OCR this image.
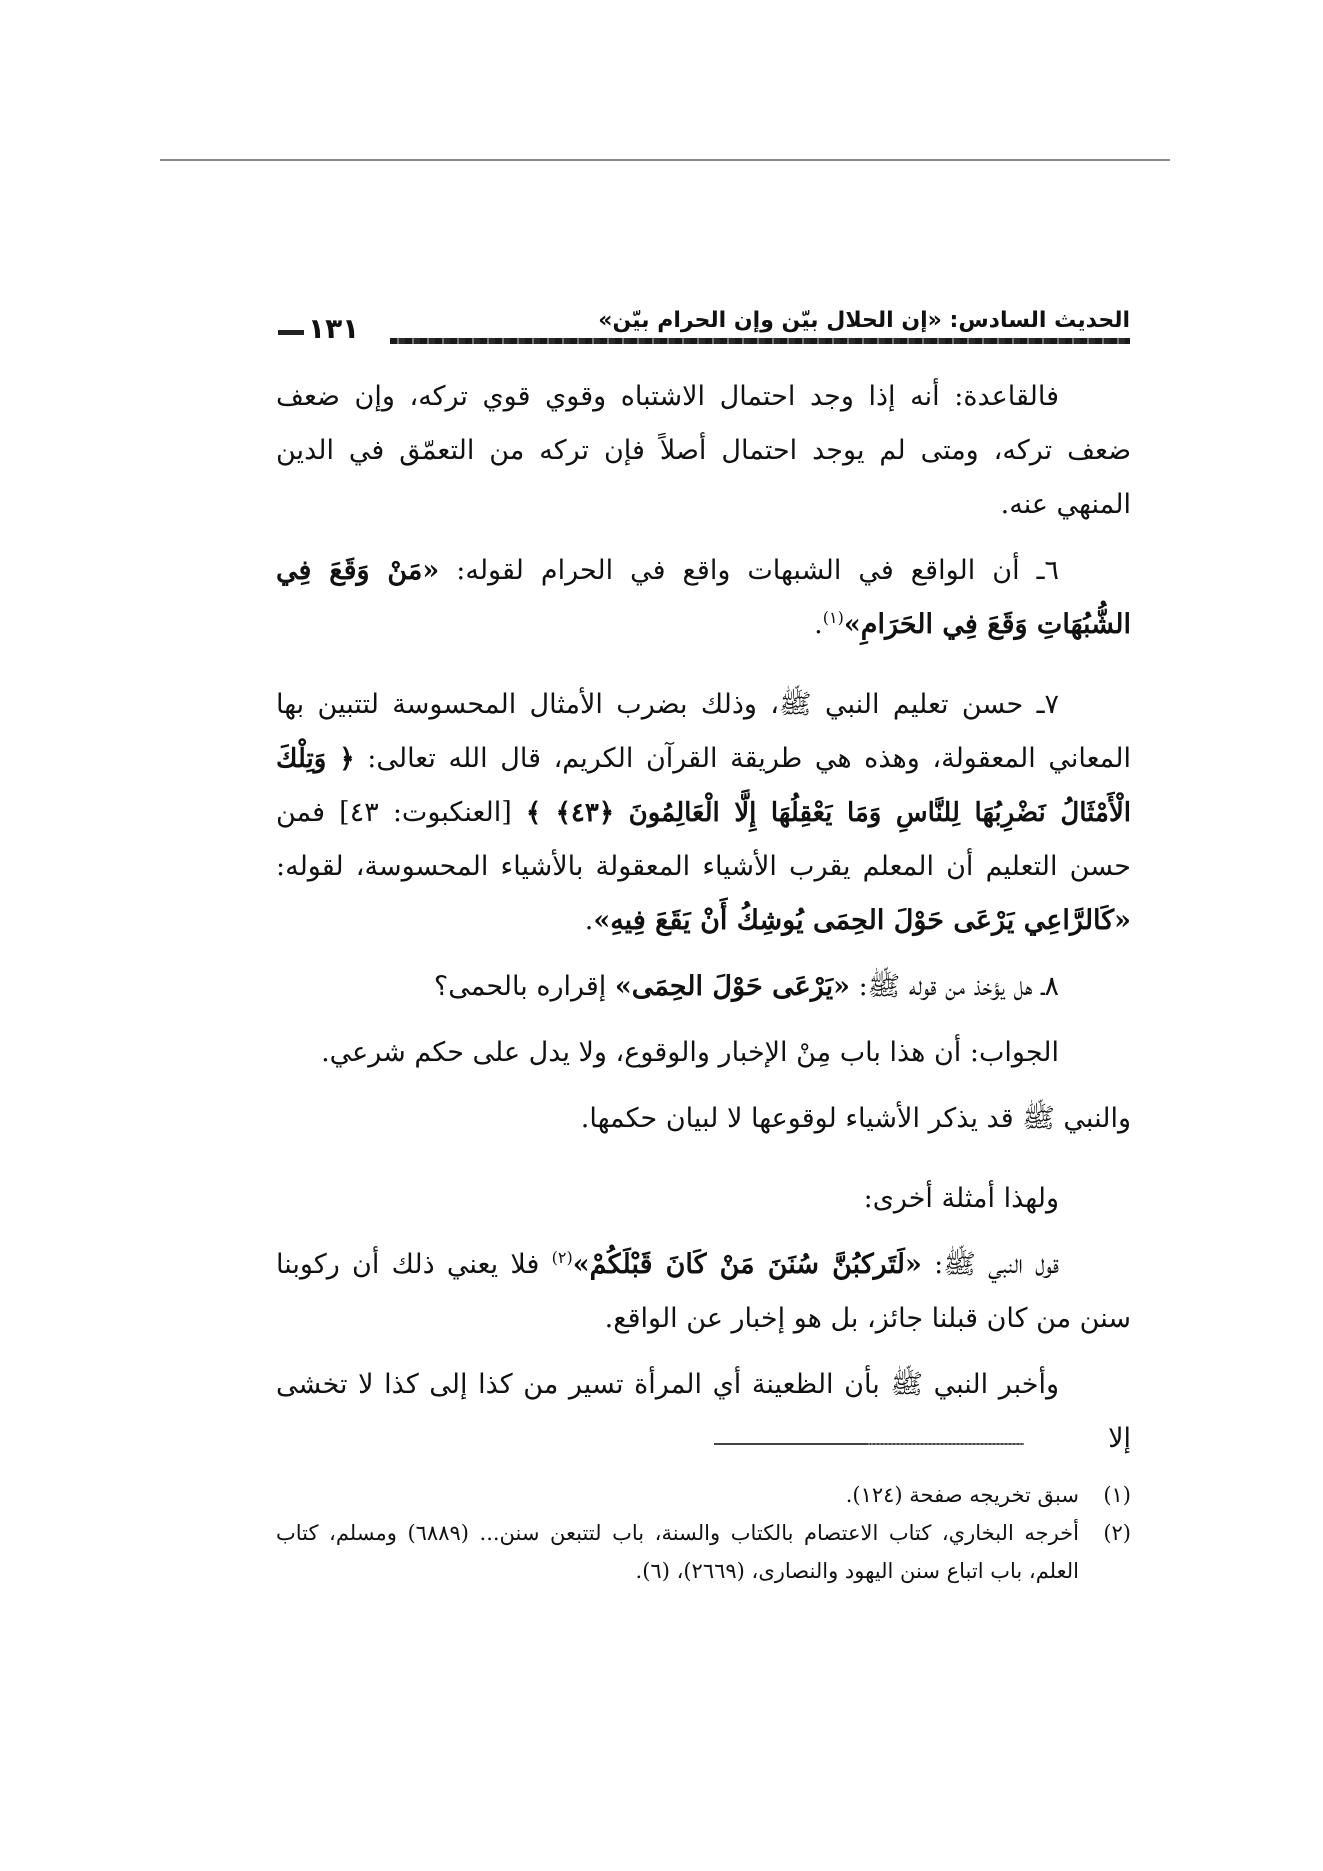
١٣١	الحديث السادس: «إن الحلال بيّن وإن الحرام بيّن»

فالقاعدة: أنه إذا وجد احتمال الاشتباه وقوي قوي تركه، وإن ضعف ضعف تركه، ومتى لم يوجد احتمال أصلاً فإن تركه من التعمّق في الدين المنهي عنه.

٦ـ أن الواقع في الشبهات واقع في الحرام لقوله: «مَنْ وَقَعَ فِي الشُّبُهَاتِ وَقَعَ فِي الحَرَامِ»$^{(١)}$.

٧ـ حسن تعليم النبي ﷺ، وذلك بضرب الأمثال المحسوسة لتتبين بها المعاني المعقولة، وهذه هي طريقة القرآن الكريم، قال الله تعالى: ﴿ وَتِلْكَ الْأَمْثَالُ نَضْرِبُهَا لِلنَّاسِ وَمَا يَعْقِلُهَا إِلَّا الْعَالِمُونَ ﴿٤٣﴾ ﴾ [العنكبوت: ٤٣] فمن حسن التعليم أن المعلم يقرب الأشياء المعقولة بالأشياء المحسوسة، لقوله: «كَالرَّاعِي يَرْعَى حَوْلَ الحِمَى يُوشِكُ أَنْ يَقَعَ فِيهِ».

٨ـ هل يؤخذ من قوله ﷺ: «يَرْعَى حَوْلَ الحِمَى» إقراره بالحمى؟

الجواب: أن هذا باب مِنْ الإخبار والوقوع، ولا يدل على حكم شرعي.

والنبي ﷺ قد يذكر الأشياء لوقوعها لا لبيان حكمها.

ولهذا أمثلة أخرى:

قول النبي ﷺ: «لَتَركبُنَّ سُنَنَ مَنْ كَانَ قَبْلَكُمْ»$^{(٢)}$ فلا يعني ذلك أن ركوبنا سنن من كان قبلنا جائز، بل هو إخبار عن الواقع.

وأخبر النبي ﷺ بأن الظعينة أي المرأة تسير من كذا إلى كذا لا تخشى إلا

(١)
سبق تخريجه صفحة (١٢٤).
(٢)
أخرجه البخاري، كتاب الاعتصام بالكتاب والسنة، باب لتتبعن سنن... (٦٨٨٩) ومسلم، كتاب العلم، باب اتباع سنن اليهود والنصارى، (٢٦٦٩)، (٦).
